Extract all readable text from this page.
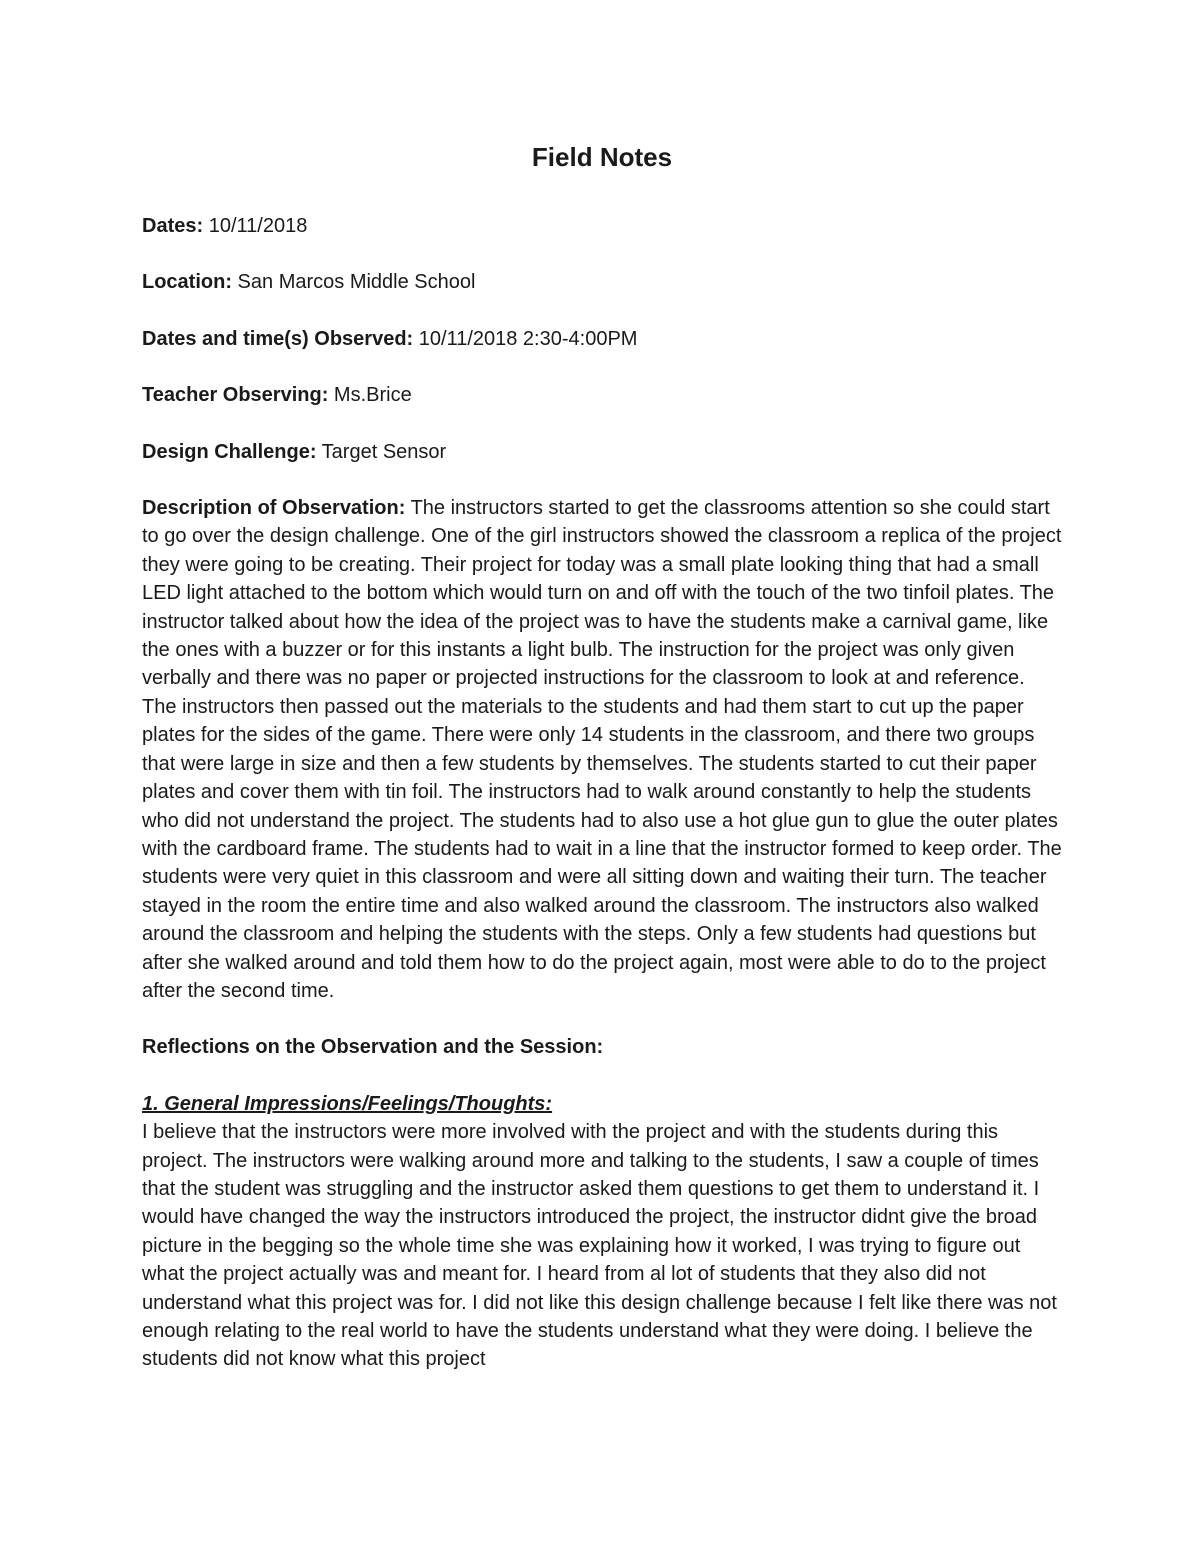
Field Notes
Dates: 10/11/2018
Location: San Marcos Middle School
Dates and time(s) Observed: 10/11/2018 2:30-4:00PM
Teacher Observing: Ms.Brice
Design Challenge: Target Sensor
Description of Observation: The instructors started to get the classrooms attention so she could start to go over the design challenge. One of the girl instructors showed the classroom a replica of the project they were going to be creating. Their project for today was a small plate looking thing that had a small LED light attached to the bottom which would turn on and off with the touch of the two tinfoil plates. The instructor talked about how the idea of the project was to have the students make a carnival game, like the ones with a buzzer or for this instants a light bulb. The instruction for the project was only given verbally and there was no paper or projected instructions for the classroom to look at and reference. The instructors then passed out the materials to the students and had them start to cut up the paper plates for the sides of the game. There were only 14 students in the classroom, and there two groups that were large in size and then a few students by themselves. The students started to cut their paper plates and cover them with tin foil. The instructors had to walk around constantly to help the students who did not understand the project. The students had to also use a hot glue gun to glue the outer plates with the cardboard frame. The students had to wait in a line that the instructor formed to keep order. The students were very quiet in this classroom and were all sitting down and waiting their turn. The teacher stayed in the room the entire time and also walked around the classroom. The instructors also walked around the classroom and helping the students with the steps. Only a few students had questions but after she walked around and told them how to do the project again, most were able to do to the project after the second time.
Reflections on the Observation and the Session:
1. General Impressions/Feelings/Thoughts:
I believe that the instructors were more involved with the project and with the students during this project. The instructors were walking around more and talking to the students, I saw a couple of times that the student was struggling and the instructor asked them questions to get them to understand it. I would have changed the way the instructors introduced the project, the instructor didnt give the broad picture in the begging so the whole time she was explaining how it worked, I was trying to figure out what the project actually was and meant for. I heard from al lot of students that they also did not understand what this project was for. I did not like this design challenge because I felt like there was not enough relating to the real world to have the students understand what they were doing. I believe the students did not know what this project
